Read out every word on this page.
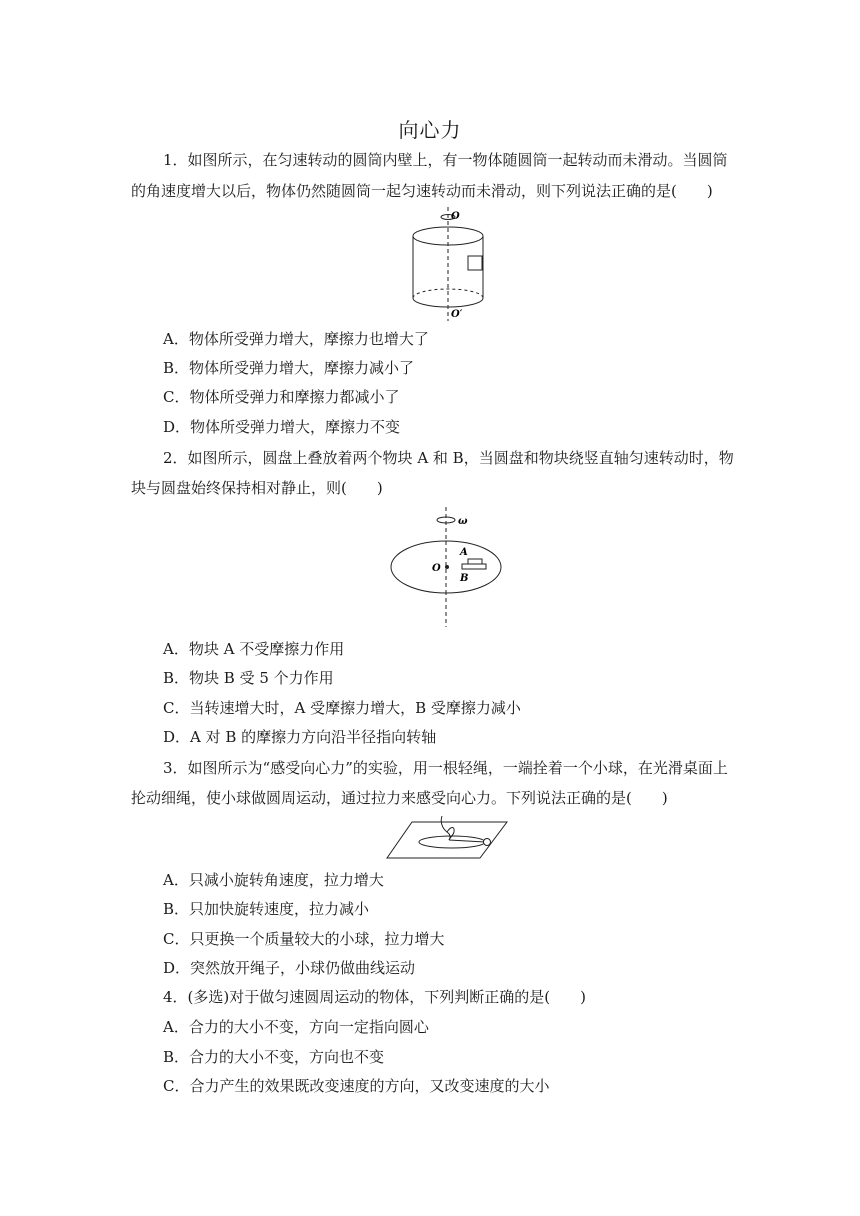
向心力
1．如图所示，在匀速转动的圆筒内壁上，有一物体随圆筒一起转动而未滑动。当圆筒
的角速度增大以后，物体仍然随圆筒一起匀速转动而未滑动，则下列说法正确的是(　　)
O
O′
A．物体所受弹力增大，摩擦力也增大了
B．物体所受弹力增大，摩擦力减小了
C．物体所受弹力和摩擦力都减小了
D．物体所受弹力增大，摩擦力不变
2．如图所示，圆盘上叠放着两个物块 A 和 B，当圆盘和物块绕竖直轴匀速转动时，物
块与圆盘始终保持相对静止，则(　　)
ω
O
A
B
A．物块 A 不受摩擦力作用
B．物块 B 受 5 个力作用
C．当转速增大时，A 受摩擦力增大，B 受摩擦力减小
D．A 对 B 的摩擦力方向沿半径指向转轴
3．如图所示为“感受向心力”的实验，用一根轻绳，一端拴着一个小球，在光滑桌面上
抡动细绳，使小球做圆周运动，通过拉力来感受向心力。下列说法正确的是(　　)
A．只减小旋转角速度，拉力增大
B．只加快旋转速度，拉力减小
C．只更换一个质量较大的小球，拉力增大
D．突然放开绳子，小球仍做曲线运动
4．(多选)对于做匀速圆周运动的物体，下列判断正确的是(　　)
A．合力的大小不变，方向一定指向圆心
B．合力的大小不变，方向也不变
C．合力产生的效果既改变速度的方向，又改变速度的大小
